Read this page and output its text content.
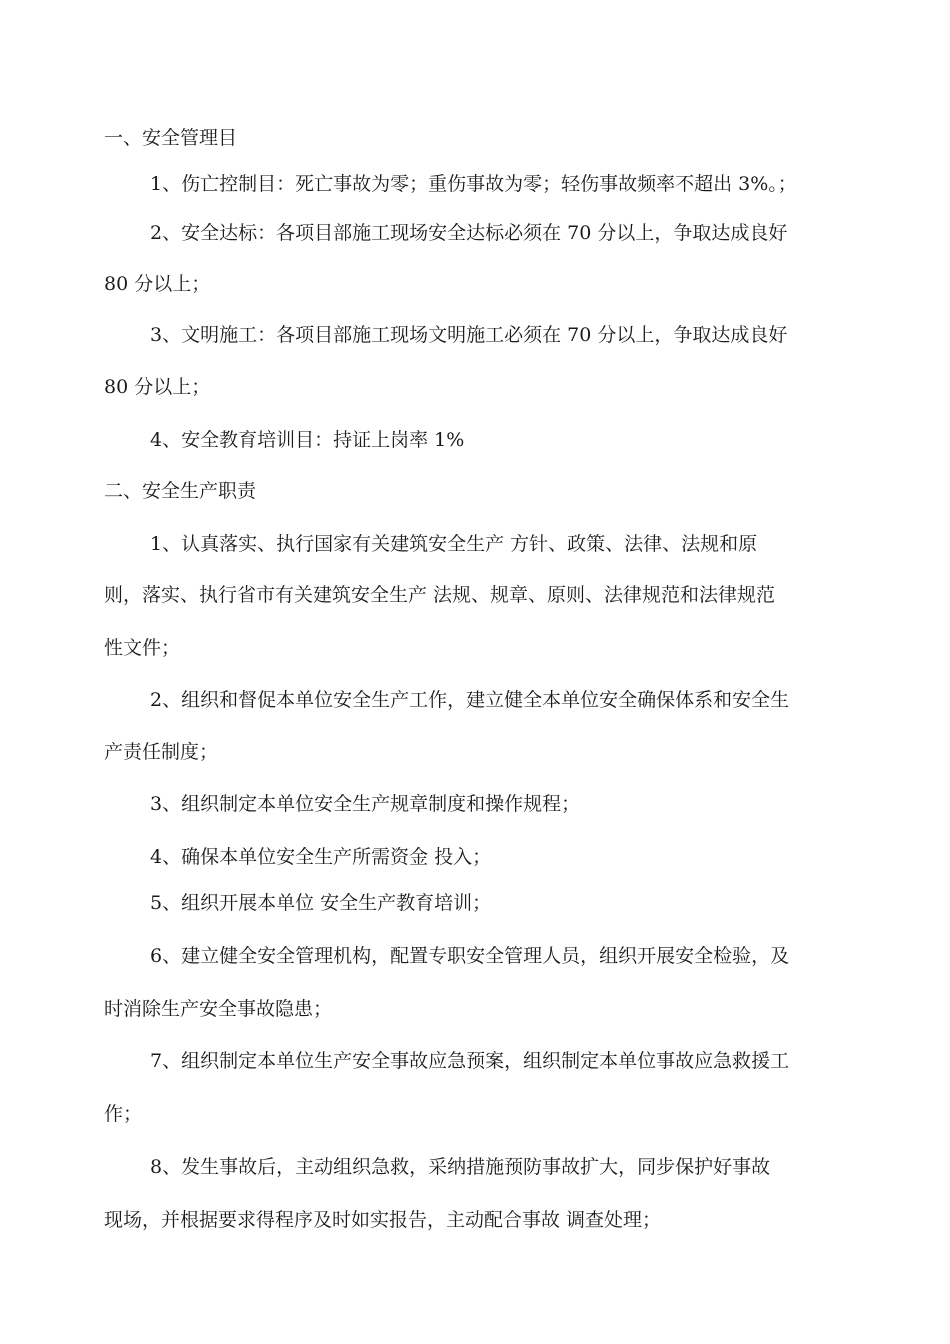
一、安全管理目

1、伤亡控制目：死亡事故为零；重伤事故为零；轻伤事故频率不超出 3%。；

2、安全达标：各项目部施工现场安全达标必须在 70 分以上，争取达成良好

80 分以上；

3、文明施工：各项目部施工现场文明施工必须在 70 分以上，争取达成良好

80 分以上；

4、安全教育培训目：持证上岗率 1%

二、安全生产职责

1、认真落实、执行国家有关建筑安全生产 方针、政策、法律、法规和原

则，落实、执行省市有关建筑安全生产 法规、规章、原则、法律规范和法律规范

性文件；

2、组织和督促本单位安全生产工作，建立健全本单位安全确保体系和安全生

产责任制度；

3、组织制定本单位安全生产规章制度和操作规程；

4、确保本单位安全生产所需资金 投入；

5、组织开展本单位 安全生产教育培训；

6、建立健全安全管理机构，配置专职安全管理人员，组织开展安全检验，及

时消除生产安全事故隐患；

7、组织制定本单位生产安全事故应急预案，组织制定本单位事故应急救援工

作；

8、发生事故后，主动组织急救，采纳措施预防事故扩大，同步保护好事故

现场，并根据要求得程序及时如实报告，主动配合事故 调查处理；
